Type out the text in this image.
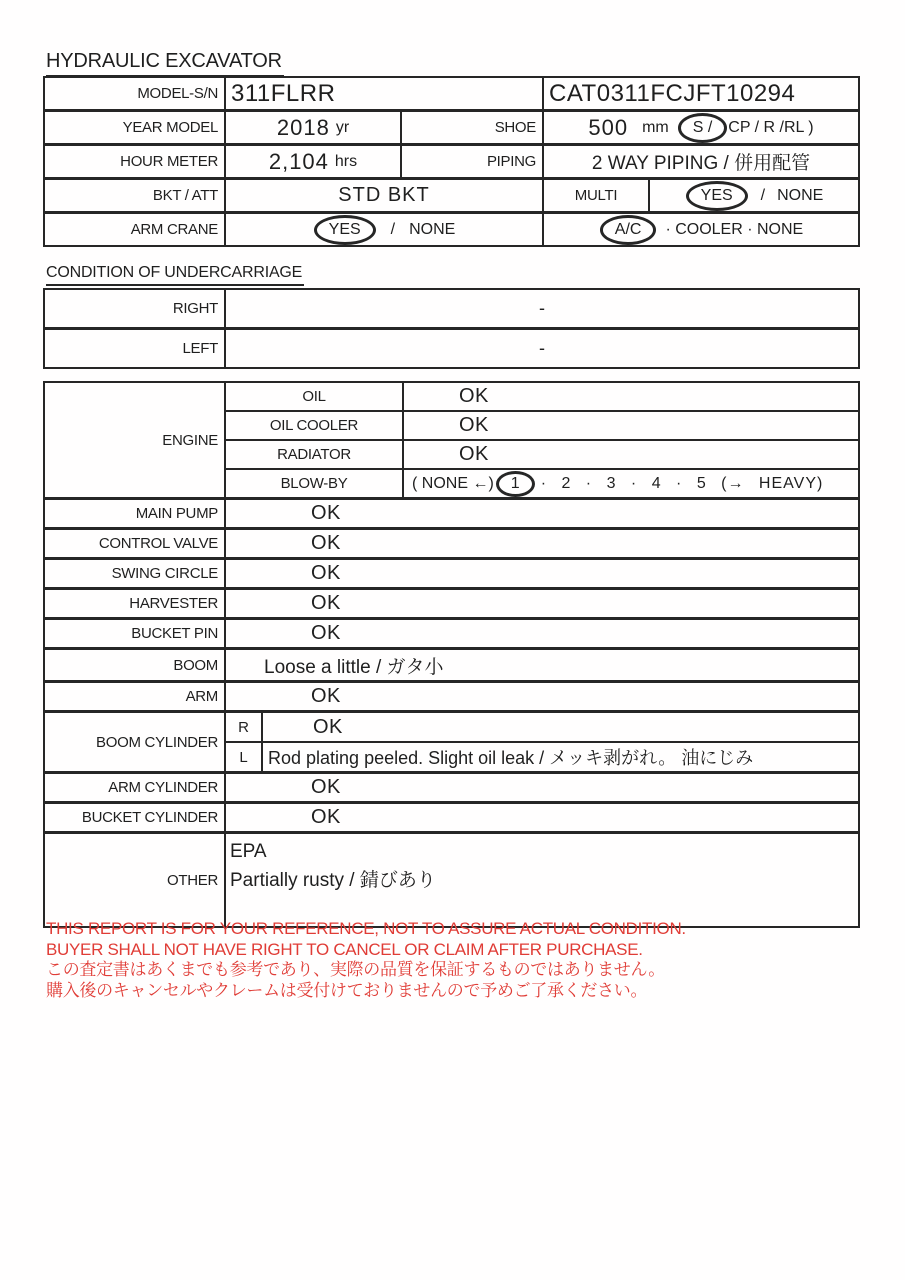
HYDRAULIC EXCAVATOR
MODEL-S/N 311FLRR	CAT0311FCJFT10294
YEAR MODEL	2018 yr	SHOE 500 mm	S /	CP / R /RL )
HOUR METER 2,104 hrs	PIPING	2 WAY PIPING / 併用配管
BKT / ATT	STD BKT	MULTI	YES	/ NONE
ARM CRANE	YES	/ NONE	A/C	· COOLER · NONE
CONDITION OF UNDERCARRIAGE
RIGHT	-
LEFT	-
ENGINE
OIL	OK
OIL COOLER	OK
RADIATOR	OK
BLOW-BY	( NONE ←)	1	· 2 · 3 · 4 · 5 (→ HEAVY)
MAIN PUMP	OK
CONTROL VALVE	OK
SWING CIRCLE	OK
HARVESTER	OK
BUCKET PIN	OK
BOOM	Loose a little / ガタ小
ARM	OK
BOOM CYLINDER
R	OK
L	Rod plating peeled. Slight oil leak / メッキ剥がれ。 油にじみ
ARM CYLINDER	OK
BUCKET CYLINDER	OK
OTHER
EPA
Partially rusty / 錆びあり
THIS REPORT IS FOR YOUR REFERENCE, NOT TO ASSURE ACTUAL CONDITION.
BUYER SHALL NOT HAVE RIGHT TO CANCEL OR CLAIM AFTER PURCHASE.
この査定書はあくまでも参考であり、実際の品質を保証するものではありません。
購入後のキャンセルやクレームは受付けておりませんので予めご了承ください。
